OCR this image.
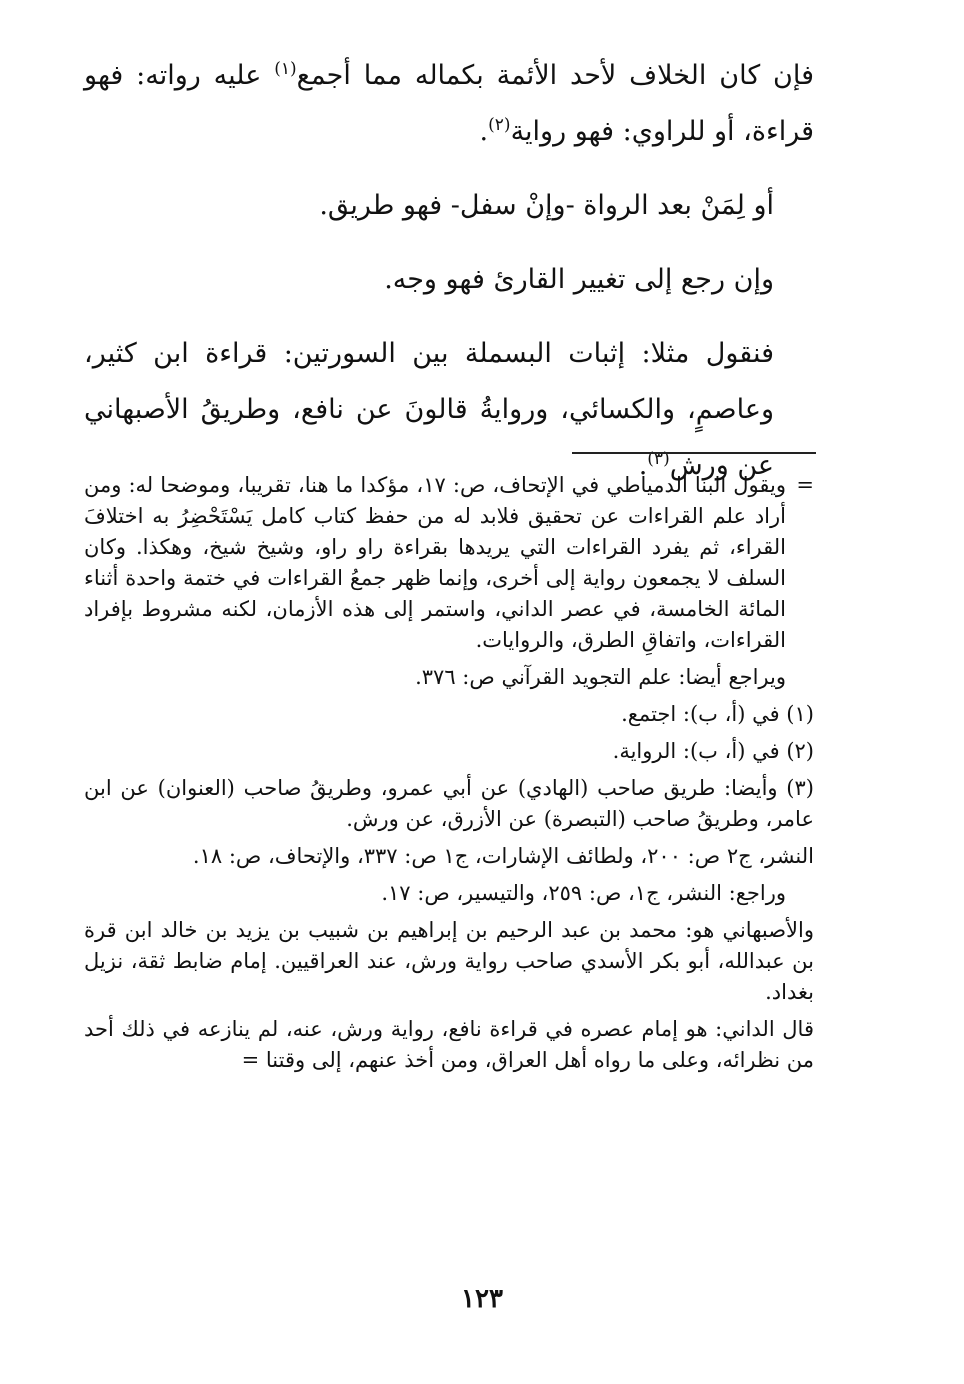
فإن كان الخلاف لأحد الأئمة بكماله مما أجمع$^{(١)}$ عليه رواته: فهو قراءة، أو للراوي: فهو رواية$^{(٢)}$.

أو لِمَنْ بعد الرواة -وإنْ سفل- فهو طريق.

وإن رجع إلى تغيير القارئ فهو وجه.

فنقول مثلا: إثبات البسملة بين السورتين: قراءة ابن كثير، وعاصمٍ، والكسائي، وروايةُ قالونَ عن نافع، وطريقُ الأصبهاني عن ورش$^{(٣)}$.

=ويقول البنا الدمياطي في الإتحاف، ص: ١٧، مؤكدا ما هنا، تقريبا، وموضحا له: ومن أراد علم القراءات عن تحقيق فلابد له من حفظ كتاب كامل يَسْتَحْضِرُ به اختلافَ القراء، ثم يفرد القراءات التي يريدها بقراءة راو راو، وشيخ شيخ، وهكذا. وكان السلف لا يجمعون رواية إلى أخرى، وإنما ظهر جمعُ القراءات في ختمة واحدة أثناء المائة الخامسة، في عصر الداني، واستمر إلى هذه الأزمان، لكنه مشروط بإفراد القراءات، واتفاقِ الطرق، والروايات.

ويراجع أيضا: علم التجويد القرآني ص: ٣٧٦.

(١) في (أ، ب): اجتمع.

(٢) في (أ، ب): الرواية.

(٣) وأيضا: طريق صاحب (الهادي) عن أبي عمرو، وطريقُ صاحب (العنوان) عن ابن عامر، وطريقُ صاحب (التبصرة) عن الأزرق، عن ورش.

النشر، ج٢ ص: ٢٠٠، ولطائف الإشارات، ج١ ص: ٣٣٧، والإتحاف، ص: ١٨.

وراجع: النشر، ج١، ص: ٢٥٩، والتيسير، ص: ١٧.

والأصبهاني هو: محمد بن عبد الرحيم بن إبراهيم بن شبيب بن يزيد بن خالد ابن قرة بن عبدالله، أبو بكر الأسدي صاحب رواية ورش، عند العراقيين. إمام ضابط ثقة، نزيل بغداد.

قال الداني: هو إمام عصره في قراءة نافع، رواية ورش، عنه، لم ينازعه في ذلك أحد من نظرائه، وعلى ما رواه أهل العراق، ومن أخذ عنهم، إلى وقتنا =

١٢٣
